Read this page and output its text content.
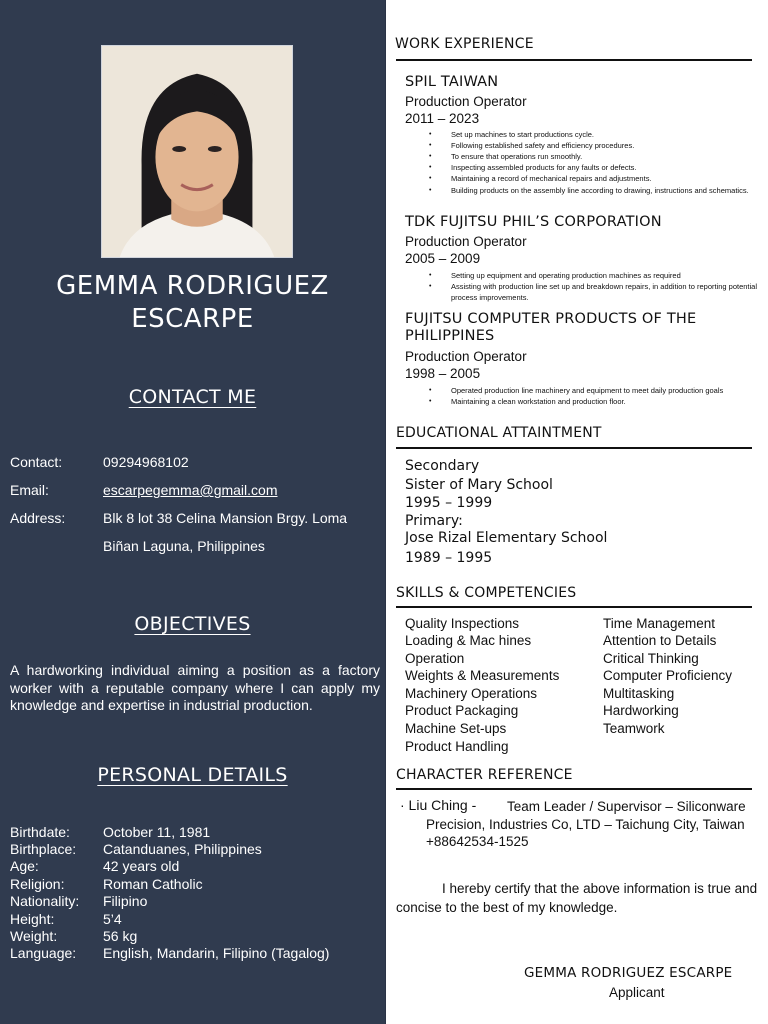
GEMMA RODRIGUEZ
ESCARPE
CONTACT ME
Contact:	09294968102
Email:	escarpegemma@gmail.com
Address:	Blk 8 lot 38 Celina Mansion Brgy. Loma
Biñan Laguna, Philippines
OBJECTIVES
A hardworking individual aiming a position as a factory worker with a reputable company where I can apply my knowledge and expertise in industrial production.
PERSONAL DETAILS
Birthdate: October 11, 1981
Birthplace: Catanduanes, Philippines
Age:	42 years old
Religion:	Roman Catholic
Nationality: Filipino
Height:	5’4
Weight:	56 kg
Language: English, Mandarin, Filipino (Tagalog)
WORK EXPERIENCE
SPIL TAIWAN
Production Operator
2011 – 2023
• Set up machines to start productions cycle.
• Following established safety and efficiency procedures.
• To ensure that operations run smoothly.
• Inspecting assembled products for any faults or defects.
• Maintaining a record of mechanical repairs and adjustments.
• Building products on the assembly line according to drawing, instructions and schematics.
TDK FUJITSU PHIL’S CORPORATION
Production Operator
2005 – 2009
• Setting up equipment and operating production machines as required
• Assisting with production line set up and breakdown repairs, in addition to reporting potential process improvements.
FUJITSU COMPUTER PRODUCTS OF THE
PHILIPPINES
Production Operator
1998 – 2005
• Operated production line machinery and equipment to meet daily production goals
• Maintaining a clean workstation and production floor.
EDUCATIONAL ATTAINTMENT
Secondary
Sister of Mary School
1995 – 1999
Primary:
Jose Rizal Elementary School
1989 – 1995
SKILLS & COMPETENCIES
Quality Inspections
Loading & Mac hines
Operation
Weights & Measurements
Machinery Operations
Product Packaging
Machine Set-ups
Product Handling
Time Management
Attention to Details
Critical Thinking
Computer Proficiency
Multitasking
Hardworking
Teamwork
CHARACTER REFERENCE
· Liu Ching - Team Leader / Supervisor – Siliconware
Precision, Industries Co, LTD – Taichung City, Taiwan
+88642534-1525
I hereby certify that the above information is true and concise to the best of my knowledge.
GEMMA RODRIGUEZ ESCARPE
Applicant
